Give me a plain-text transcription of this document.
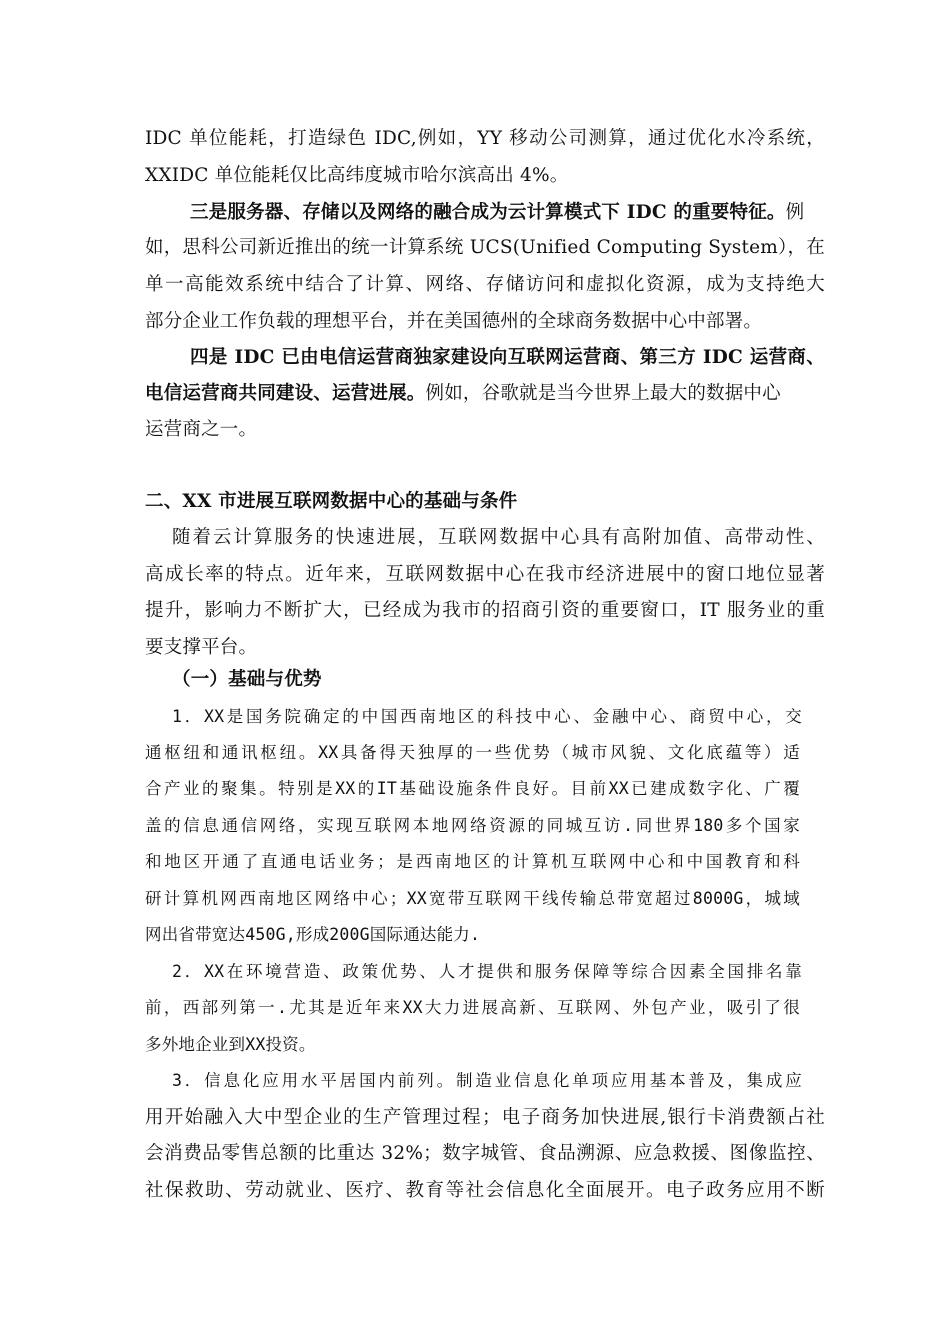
IDC 单位能耗，打造绿色 IDC,例如，YY 移动公司测算，通过优化水冷系统，
XXIDC 单位能耗仅比高纬度城市哈尔滨高出 4%。
三是服务器、存储以及网络的融合成为云计算模式下 IDC 的重要特征。例
如，思科公司新近推出的统一计算系统 UCS(Unified Computing System），在
单一高能效系统中结合了计算、网络、存储访问和虚拟化资源，成为支持绝大
部分企业工作负载的理想平台，并在美国德州的全球商务数据中心中部署。
四是 IDC 已由电信运营商独家建设向互联网运营商、第三方 IDC 运营商、
电信运营商共同建设、运营进展。例如，谷歌就是当今世界上最大的数据中心
运营商之一。
二、XX 市进展互联网数据中心的基础与条件
随着云计算服务的快速进展，互联网数据中心具有高附加值、高带动性、
高成长率的特点。近年来，互联网数据中心在我市经济进展中的窗口地位显著
提升，影响力不断扩大，已经成为我市的招商引资的重要窗口，IT 服务业的重
要支撑平台。
（一）基础与优势
1．XX是国务院确定的中国西南地区的科技中心、金融中心、商贸中心，交
通枢纽和通讯枢纽。XX具备得天独厚的一些优势（城市风貌、文化底蕴等）适
合产业的聚集。特别是XX的IT基础设施条件良好。目前XX已建成数字化、广覆
盖的信息通信网络，实现互联网本地网络资源的同城互访.同世界180多个国家
和地区开通了直通电话业务；是西南地区的计算机互联网中心和中国教育和科
研计算机网西南地区网络中心；XX宽带互联网干线传输总带宽超过8000G，城域
网出省带宽达450G,形成200G国际通达能力.
2．XX在环境营造、政策优势、人才提供和服务保障等综合因素全国排名靠
前，西部列第一.尤其是近年来XX大力进展高新、互联网、外包产业，吸引了很
多外地企业到XX投资。
3．信息化应用水平居国内前列。制造业信息化单项应用基本普及，集成应
用开始融入大中型企业的生产管理过程；电子商务加快进展,银行卡消费额占社
会消费品零售总额的比重达 32%；数字城管、食品溯源、应急救援、图像监控、
社保救助、劳动就业、医疗、教育等社会信息化全面展开。电子政务应用不断
